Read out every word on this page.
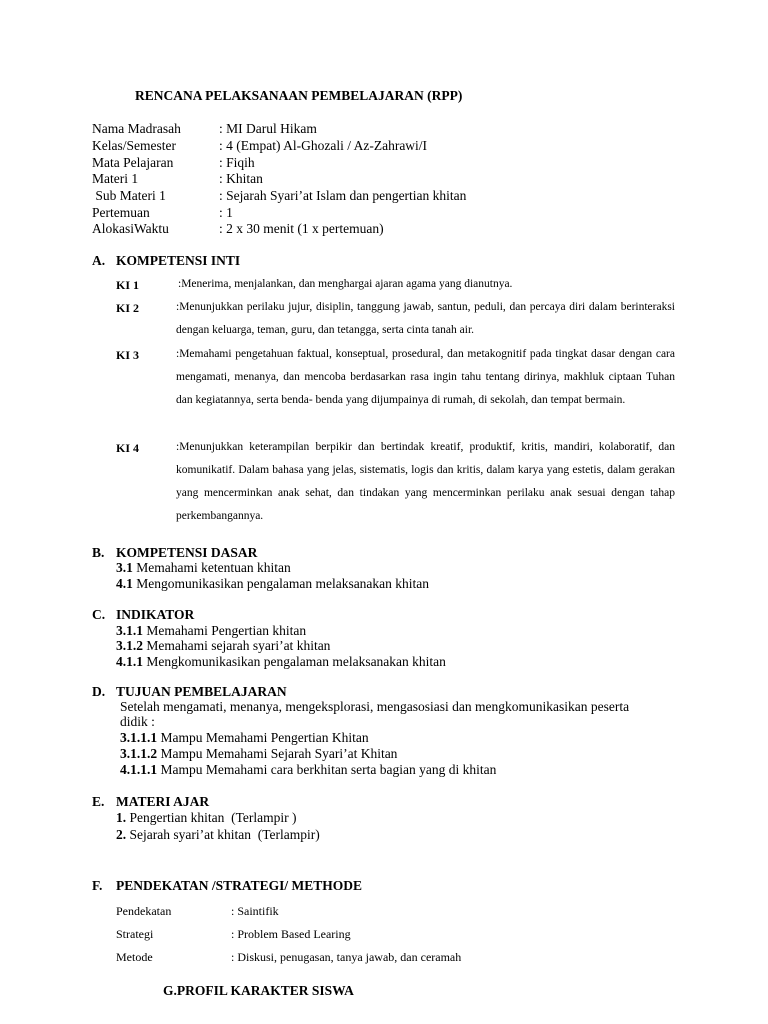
RENCANA PELAKSANAAN PEMBELAJARAN (RPP)
Nama Madrasah	: MI Darul Hikam
Kelas/Semester	: 4 (Empat) Al-Ghozali / Az-Zahrawi/I
Mata Pelajaran	: Fiqih
Materi 1	: Khitan
Sub Materi 1	: Sejarah Syari’at Islam dan pengertian khitan
Pertemuan	: 1
AlokasiWaktu	: 2 x 30 menit (1 x pertemuan)
A. KOMPETENSI INTI
KI 1	:Menerima, menjalankan, dan menghargai ajaran agama yang dianutnya.
KI 2	:Menunjukkan perilaku jujur, disiplin, tanggung jawab, santun, peduli, dan percaya diri dalam berinteraksi dengan keluarga, teman, guru, dan tetangga, serta cinta tanah air.
KI 3	:Memahami pengetahuan faktual, konseptual, prosedural, dan metakognitif pada tingkat dasar dengan cara mengamati, menanya, dan mencoba berdasarkan rasa ingin tahu tentang dirinya, makhluk ciptaan Tuhan dan kegiatannya, serta benda- benda yang dijumpainya di rumah, di sekolah, dan tempat bermain.
KI 4	:Menunjukkan keterampilan berpikir dan bertindak kreatif, produktif, kritis, mandiri, kolaboratif, dan komunikatif. Dalam bahasa yang jelas, sistematis, logis dan kritis, dalam karya yang estetis, dalam gerakan yang mencerminkan anak sehat, dan tindakan yang mencerminkan perilaku anak sesuai dengan tahap perkembangannya.
B. KOMPETENSI DASAR
3.1 Memahami ketentuan khitan
4.1 Mengomunikasikan pengalaman melaksanakan khitan
C. INDIKATOR
3.1.1 Memahami Pengertian khitan
3.1.2 Memahami sejarah syari’at khitan
4.1.1 Mengkomunikasikan pengalaman melaksanakan khitan
D. TUJUAN PEMBELAJARAN
Setelah mengamati, menanya, mengeksplorasi, mengasosiasi dan mengkomunikasikan peserta
didik :
3.1.1.1 Mampu Memahami Pengertian Khitan
3.1.1.2 Mampu Memahami Sejarah Syari’at Khitan
4.1.1.1 Mampu Memahami cara berkhitan serta bagian yang di khitan
E. MATERI AJAR
1. Pengertian khitan  (Terlampir )
2. Sejarah syari’at khitan  (Terlampir)
F. PENDEKATAN /STRATEGI/ METHODE
Pendekatan	: Saintifik
Strategi	: Problem Based Learing
Metode	: Diskusi, penugasan, tanya jawab, dan ceramah
G.PROFIL KARAKTER SISWA
